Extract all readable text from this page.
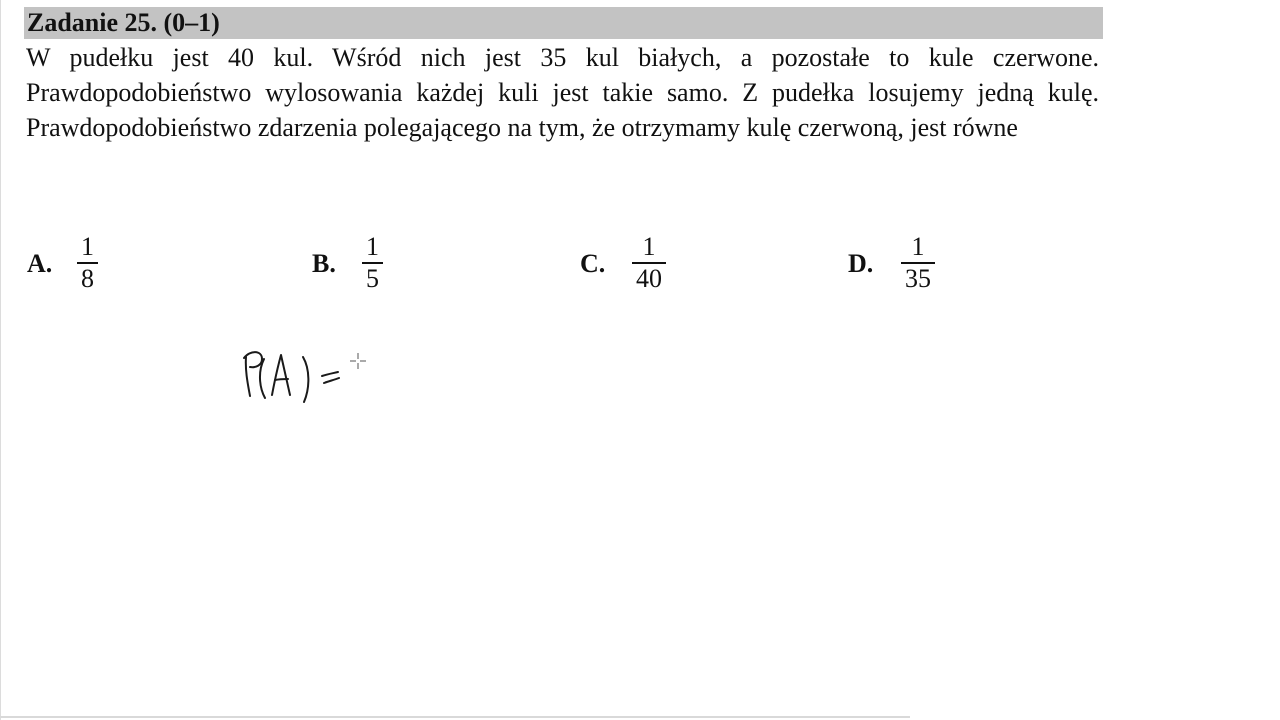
Zadanie 25. (0–1)

W pudełku jest 40 kul. Wśród nich jest 35 kul białych, a pozostałe to kule czerwone. Prawdopodobieństwo wylosowania każdej kuli jest takie samo. Z pudełka losujemy jedną kulę. Prawdopodobieństwo zdarzenia polegającego na tym, że otrzymamy kulę czerwoną, jest równe

A.
1
8	B.
1
5	C.
1
40	D.
1
35
